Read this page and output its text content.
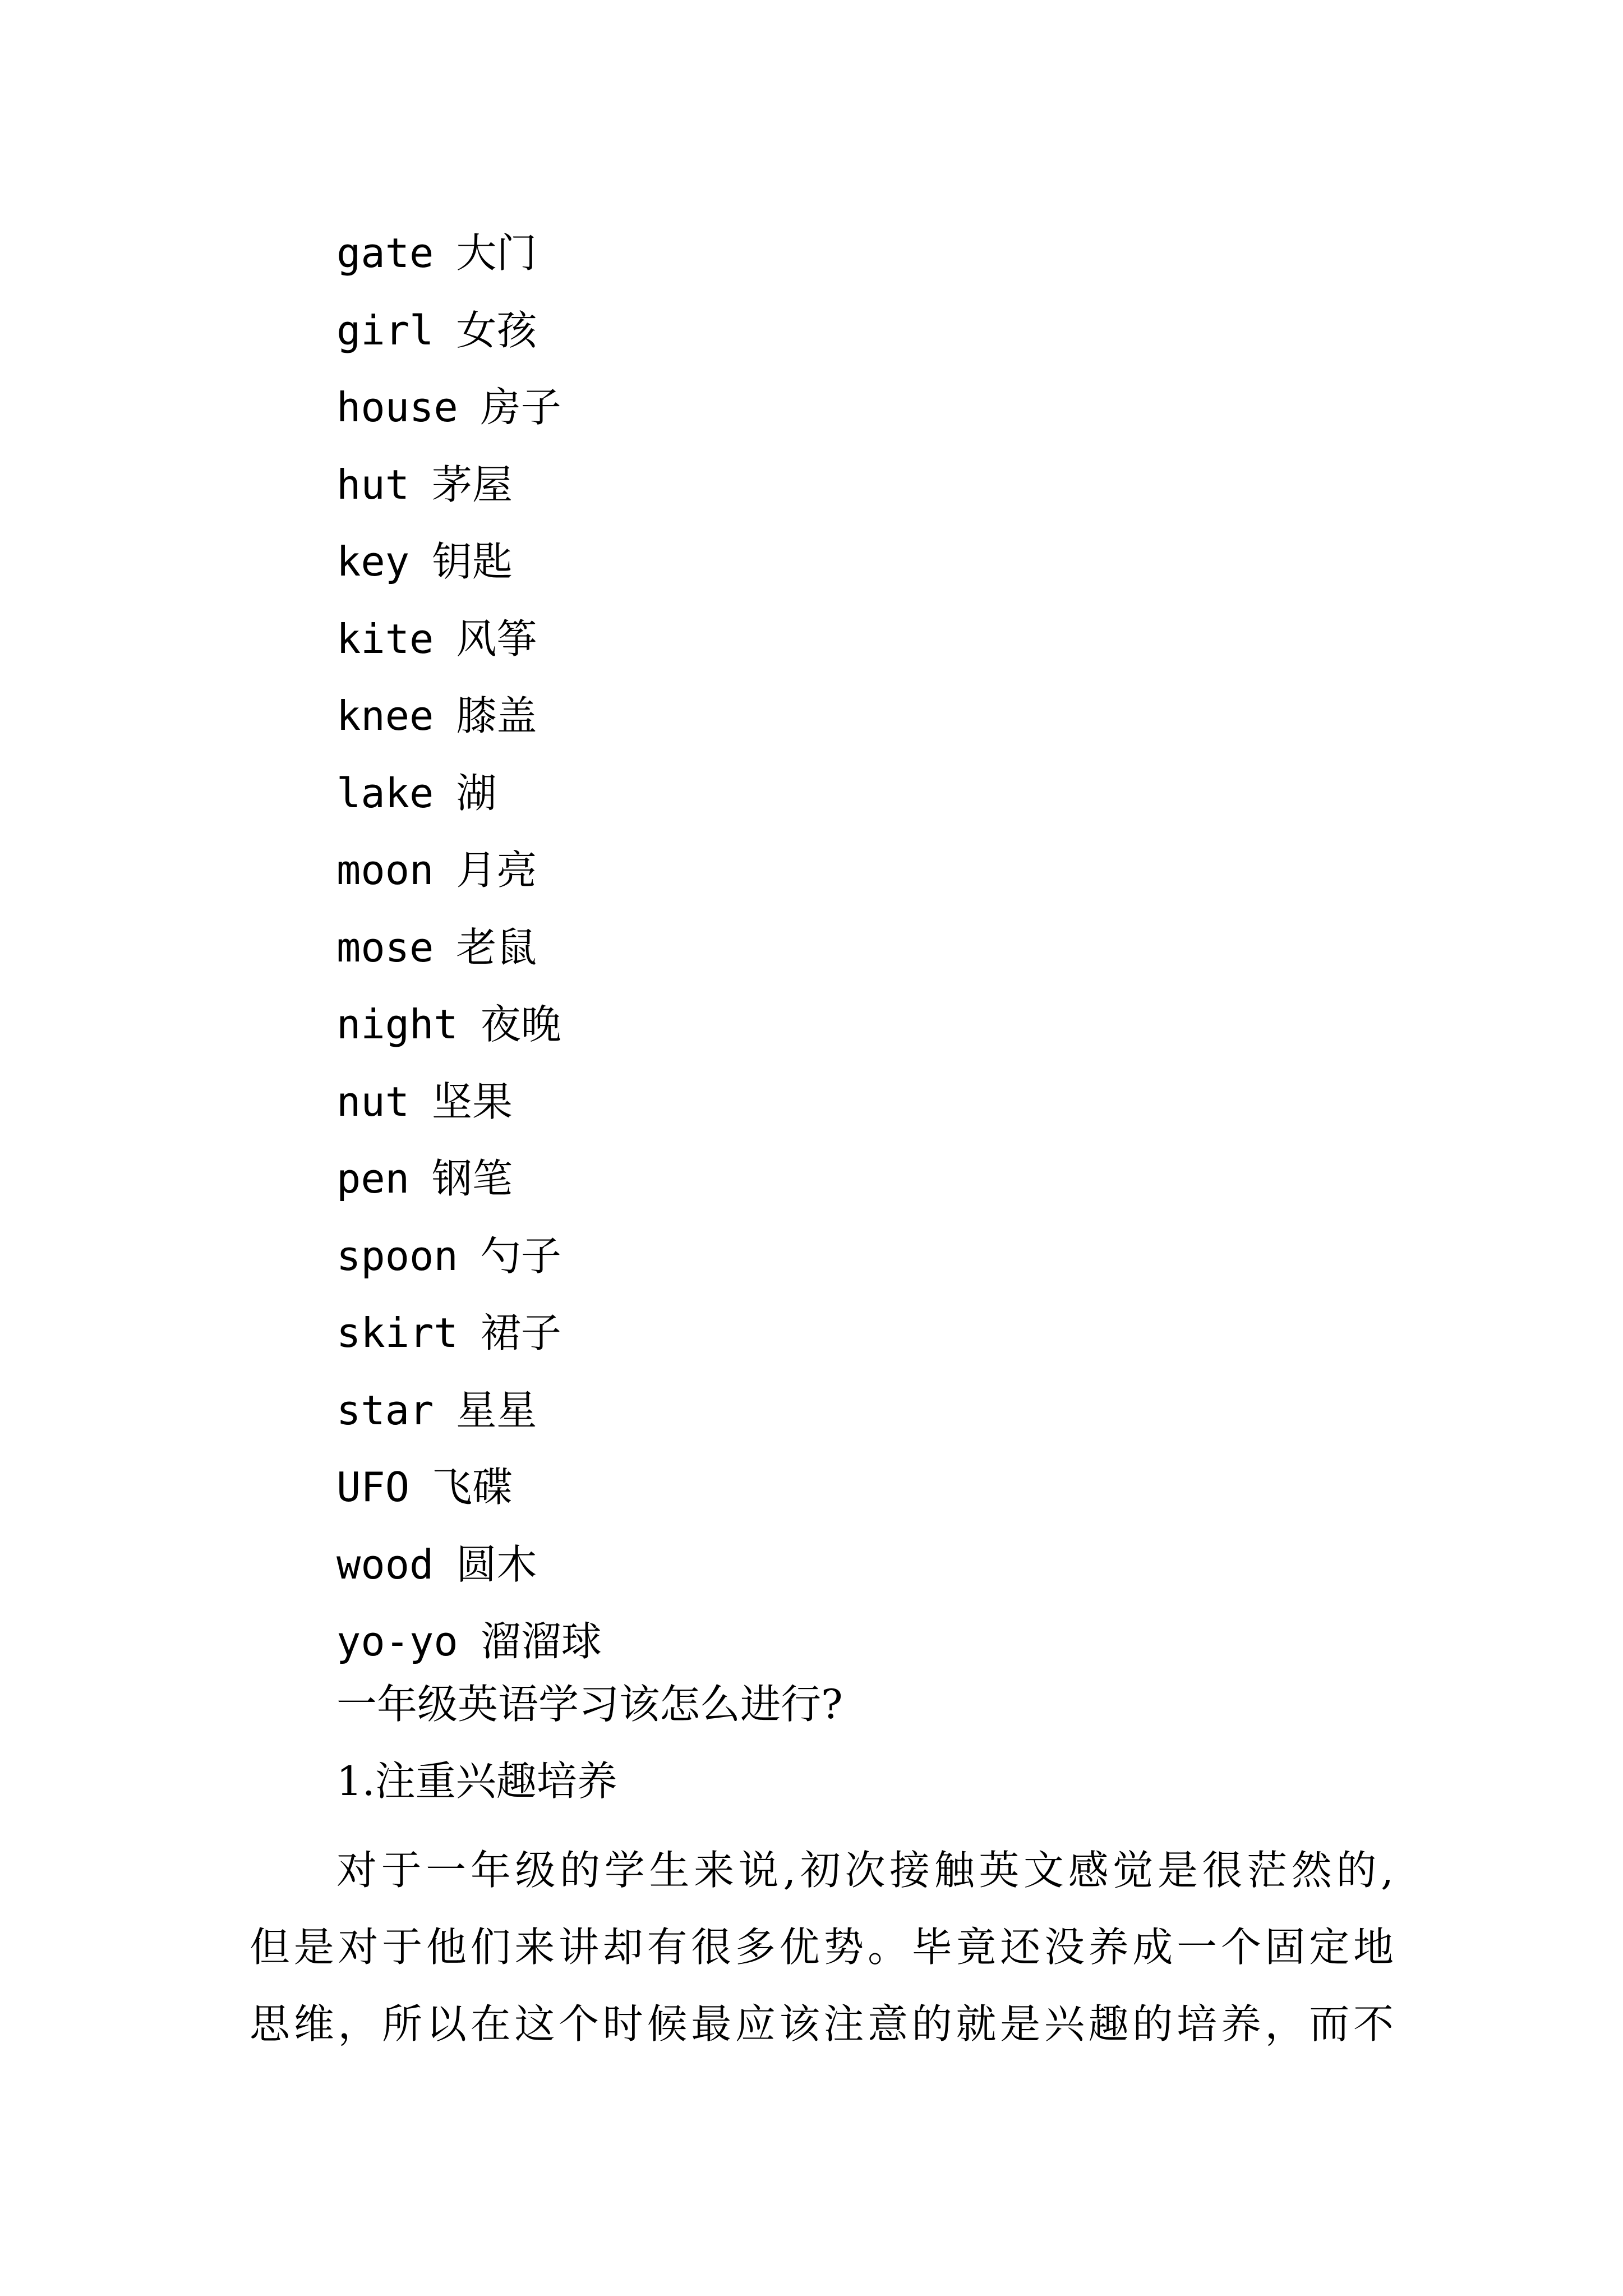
gate 大门
girl 女孩
house 房子
hut 茅屋
key 钥匙
kite 风筝
knee 膝盖
lake 湖
moon 月亮
mose 老鼠
night 夜晚
nut 坚果
pen 钢笔
spoon 勺子
skirt 裙子
star 星星
UFO 飞碟
wood 圆木
yo-yo 溜溜球
一年级英语学习该怎么进行?
1.注重兴趣培养
对于一年级的学生来说,初次接触英文感觉是很茫然的,
但是对于他们来讲却有很多优势。毕竟还没养成一个固定地
思维，所以在这个时候最应该注意的就是兴趣的培养，而不
